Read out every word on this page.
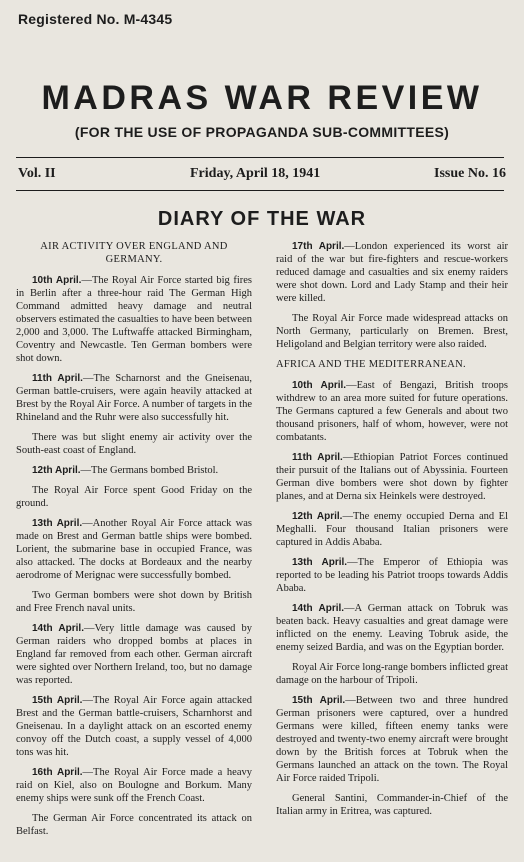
Registered No. M-4345
MADRAS WAR REVIEW
(FOR THE USE OF PROPAGANDA SUB-COMMITTEES)
Vol. II	Friday, April 18, 1941	Issue No. 16
DIARY OF THE WAR

AIR ACTIVITY OVER ENGLAND AND GERMANY.

10th April.—The Royal Air Force started big fires in Berlin after a three-hour raid The German High Command admitted heavy damage and neutral observers estimated the casualties to have been between 2,000 and 3,000. The Luftwaffe attacked Birmingham, Coventry and Newcastle. Ten German bombers were shot down.

11th April.—The Scharnorst and the Gneisenau, German battle-cruisers, were again heavily attacked at Brest by the Royal Air Force. A number of targets in the Rhineland and the Ruhr were also successfully hit.

There was but slight enemy air activity over the South-east coast of England.

12th April.—The Germans bombed Bristol.

The Royal Air Force spent Good Friday on the ground.

13th April.—Another Royal Air Force attack was made on Brest and German battle ships were bombed. Lorient, the submarine base in occupied France, was also attacked. The docks at Bordeaux and the nearby aerodrome of Merignac were successfully bombed.

Two German bombers were shot down by British and Free French naval units.

14th April.—Very little damage was caused by German raiders who dropped bombs at places in England far removed from each other. German aircraft were sighted over Northern Ireland, too, but no damage was reported.

15th April.—The Royal Air Force again attacked Brest and the German battle-cruisers, Scharnhorst and Gneisenau. In a daylight attack on an escorted enemy convoy off the Dutch coast, a supply vessel of 4,000 tons was hit.

16th April.—The Royal Air Force made a heavy raid on Kiel, also on Boulogne and Borkum. Many enemy ships were sunk off the French Coast.

The German Air Force concentrated its attack on Belfast.

17th April.—London experienced its worst air raid of the war but fire-fighters and rescue-workers reduced damage and casualties and six enemy raiders were shot down. Lord and Lady Stamp and their heir were killed.

The Royal Air Force made widespread attacks on North Germany, particularly on Bremen. Brest, Heligoland and Belgian territory were also raided.

AFRICA AND THE MEDITERRANEAN.

10th April.—East of Bengazi, British troops withdrew to an area more suited for future operations. The Germans captured a few Generals and about two thousand prisoners, half of whom, however, were not combatants.

11th April.—Ethiopian Patriot Forces continued their pursuit of the Italians out of Abyssinia. Fourteen German dive bombers were shot down by fighter planes, and at Derna six Heinkels were destroyed.

12th April.—The enemy occupied Derna and El Meghalli. Four thousand Italian prisoners were captured in Addis Ababa.

13th April.—The Emperor of Ethiopia was reported to be leading his Patriot troops towards Addis Ababa.

14th April.—A German attack on Tobruk was beaten back. Heavy casualties and great damage were inflicted on the enemy. Leaving Tobruk aside, the enemy seized Bardia, and was on the Egyptian border.

Royal Air Force long-range bombers inflicted great damage on the harbour of Tripoli.

15th April.—Between two and three hundred German prisoners were captured, over a hundred Germans were killed, fifteen enemy tanks were destroyed and twenty-two enemy aircraft were brought down by the British forces at Tobruk when the Germans launched an attack on the town. The Royal Air Force raided Tripoli.

General Santini, Commander-in-Chief of the Italian army in Eritrea, was captured.
